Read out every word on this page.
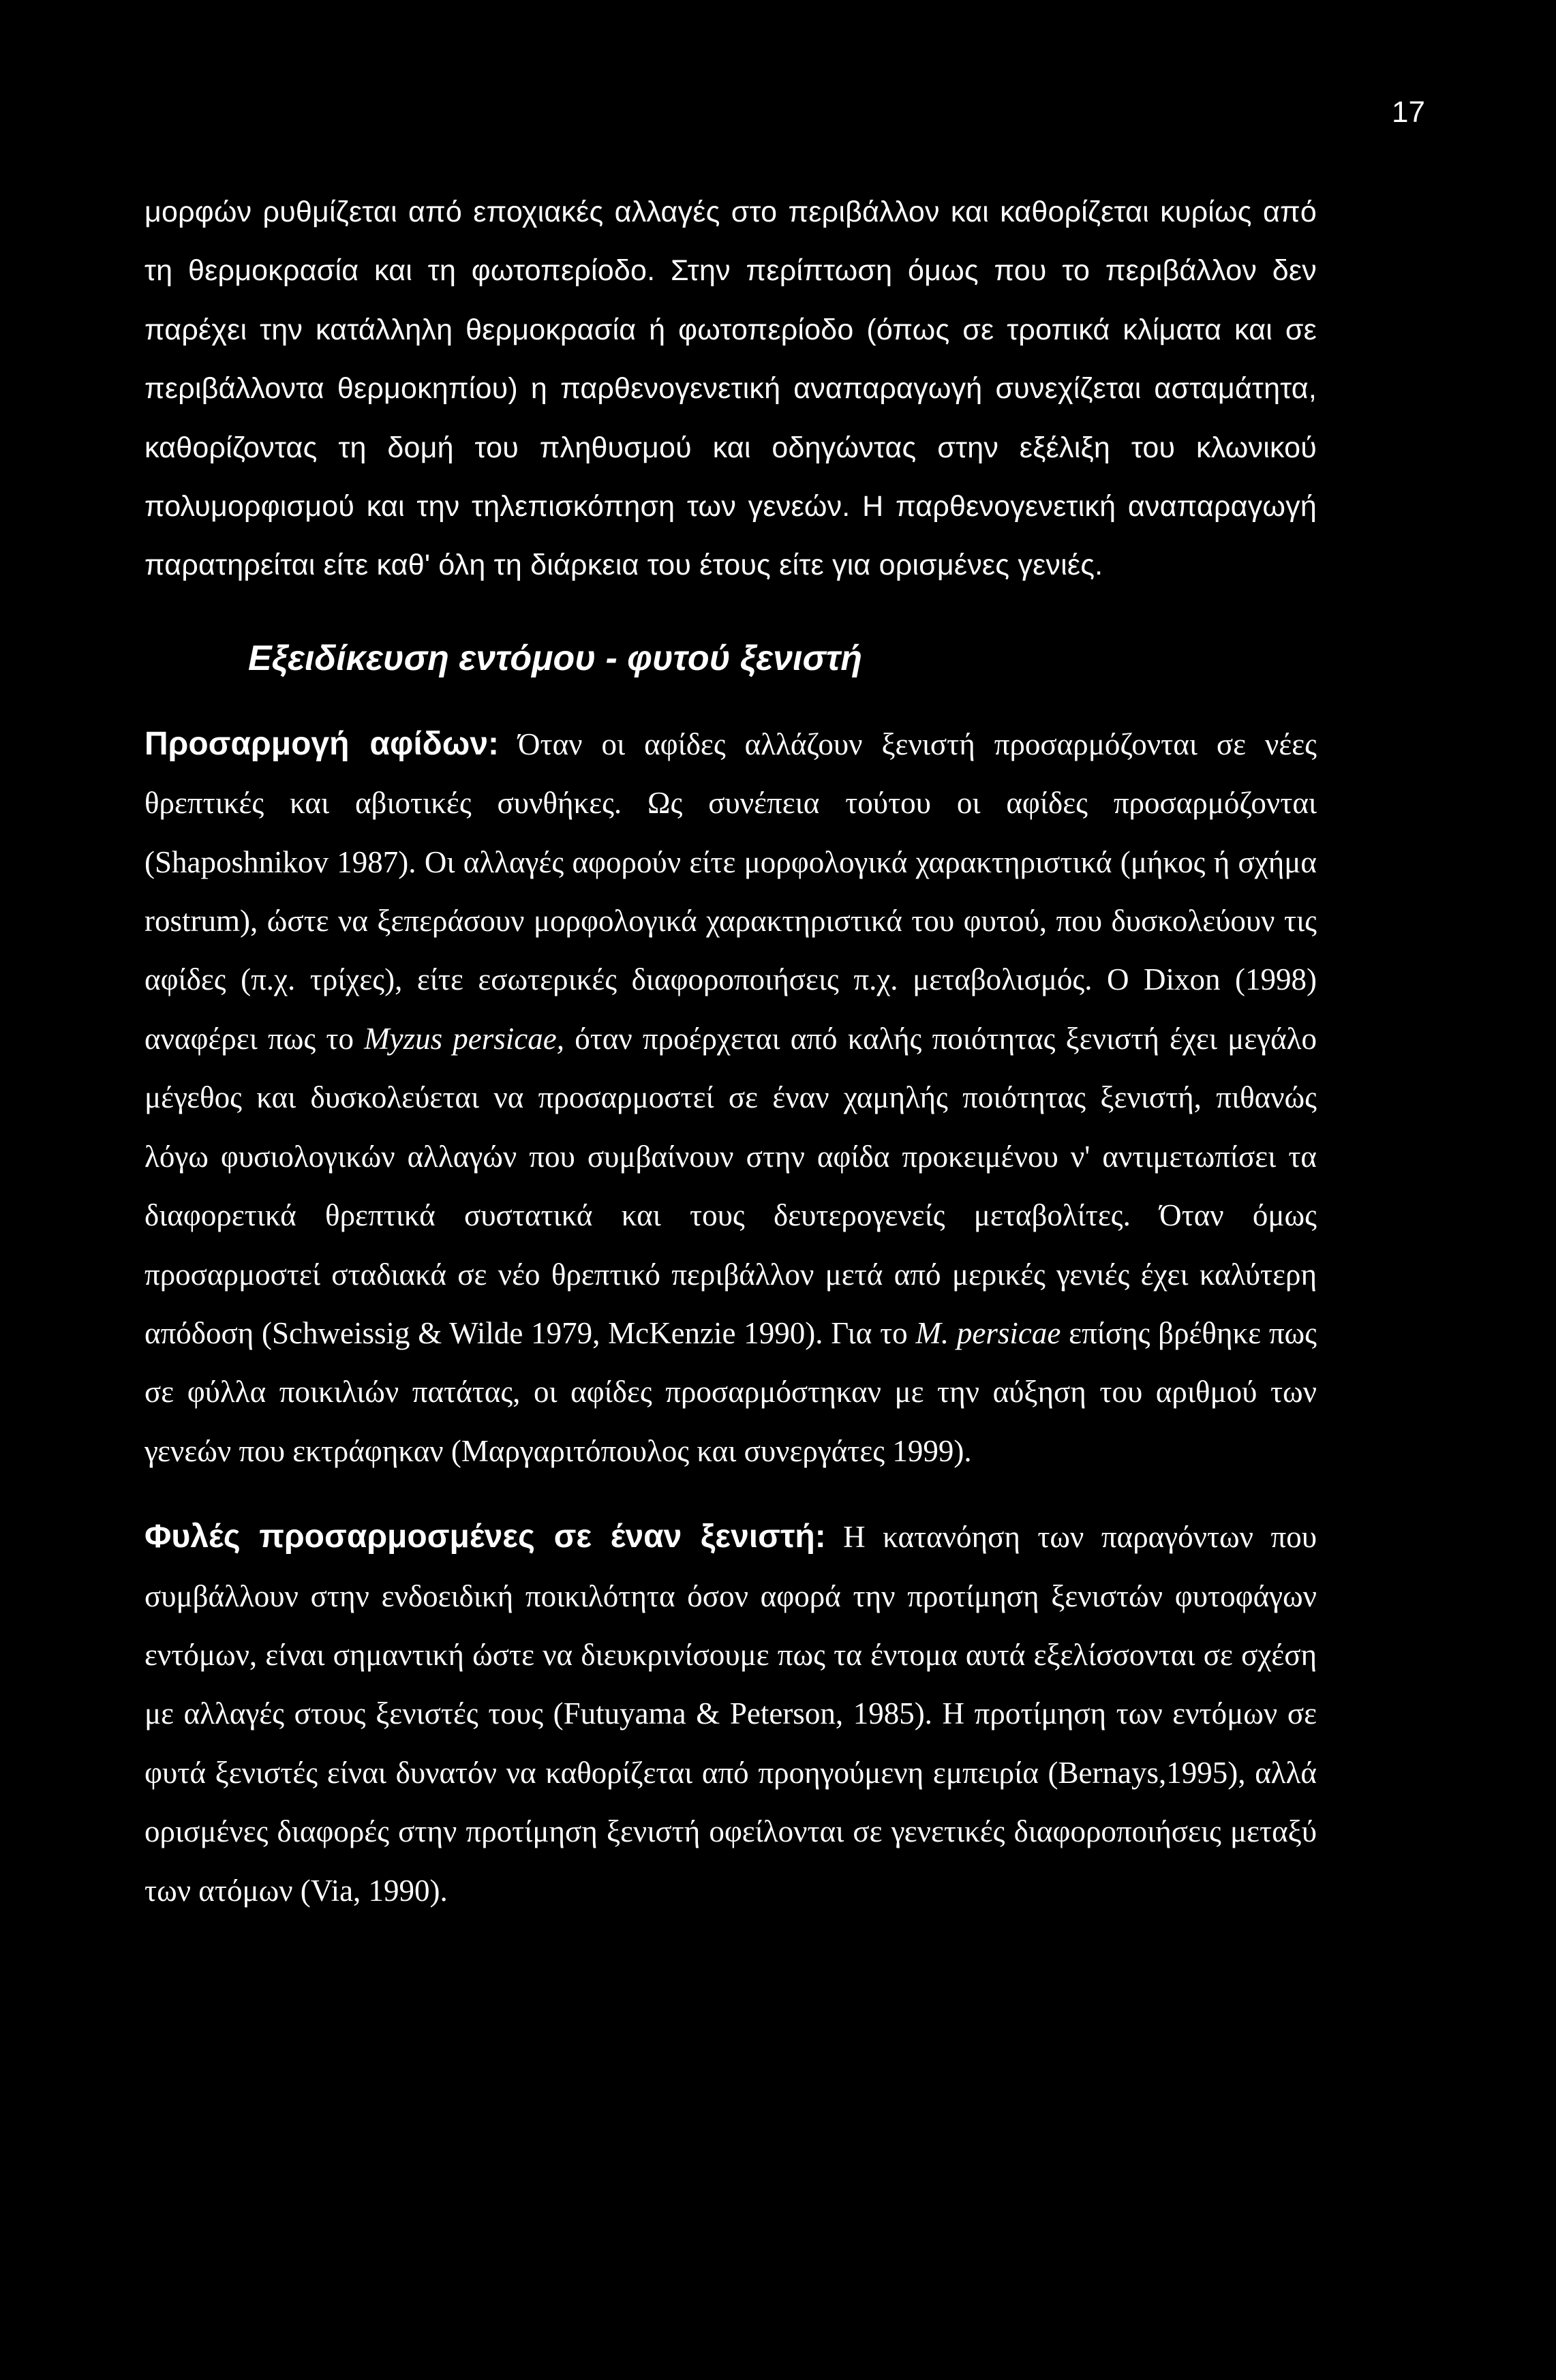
17

μορφών ρυθμίζεται από εποχιακές αλλαγές στο περιβάλλον και καθορίζεται κυρίως από τη θερμοκρασία και τη φωτοπερίοδο. Στην περίπτωση όμως που το περιβάλλον δεν παρέχει την κατάλληλη θερμοκρασία ή φωτοπερίοδο (όπως σε τροπικά κλίματα και σε περιβάλλοντα θερμοκηπίου) η παρθενογενετική αναπαραγωγή συνεχίζεται ασταμάτητα, καθορίζοντας τη δομή του πληθυσμού και οδηγώντας στην εξέλιξη του κλωνικού πολυμορφισμού και την τηλεπισκόπηση των γενεών. Η παρθενογενετική αναπαραγωγή παρατηρείται είτε καθ' όλη τη διάρκεια του έτους είτε για ορισμένες γενιές.

Εξειδίκευση εντόμου - φυτού ξενιστή

Προσαρμογή αφίδων: Όταν οι αφίδες αλλάζουν ξενιστή προσαρμόζονται σε νέες θρεπτικές και αβιοτικές συνθήκες. Ως συνέπεια τούτου οι αφίδες προσαρμόζονται (Shaposhnikov 1987). Οι αλλαγές αφορούν είτε μορφολογικά χαρακτηριστικά (μήκος ή σχήμα rostrum), ώστε να ξεπεράσουν μορφολογικά χαρακτηριστικά του φυτού, που δυσκολεύουν τις αφίδες (π.χ. τρίχες), είτε εσωτερικές διαφοροποιήσεις π.χ. μεταβολισμός. Ο Dixon (1998) αναφέρει πως το Myzus persicae, όταν προέρχεται από καλής ποιότητας ξενιστή έχει μεγάλο μέγεθος και δυσκολεύεται να προσαρμοστεί σε έναν χαμηλής ποιότητας ξενιστή, πιθανώς λόγω φυσιολογικών αλλαγών που συμβαίνουν στην αφίδα προκειμένου ν' αντιμετωπίσει τα διαφορετικά θρεπτικά συστατικά και τους δευτερογενείς μεταβολίτες. Όταν όμως προσαρμοστεί σταδιακά σε νέο θρεπτικό περιβάλλον μετά από μερικές γενιές έχει καλύτερη απόδοση (Schweissig & Wilde 1979, McKenzie 1990). Για το M. persicae επίσης βρέθηκε πως σε φύλλα ποικιλιών πατάτας, οι αφίδες προσαρμόστηκαν με την αύξηση του αριθμού των γενεών που εκτράφηκαν (Μαργαριτόπουλος και συνεργάτες 1999).

Φυλές προσαρμοσμένες σε έναν ξενιστή: Η κατανόηση των παραγόντων που συμβάλλουν στην ενδοειδική ποικιλότητα όσον αφορά την προτίμηση ξενιστών φυτοφάγων εντόμων, είναι σημαντική ώστε να διευκρινίσουμε πως τα έντομα αυτά εξελίσσονται σε σχέση με αλλαγές στους ξενιστές τους (Futuyama & Peterson, 1985). Η προτίμηση των εντόμων σε φυτά ξενιστές είναι δυνατόν να καθορίζεται από προηγούμενη εμπειρία (Bernays,1995), αλλά ορισμένες διαφορές στην προτίμηση ξενιστή οφείλονται σε γενετικές διαφοροποιήσεις μεταξύ των ατόμων (Via, 1990).
